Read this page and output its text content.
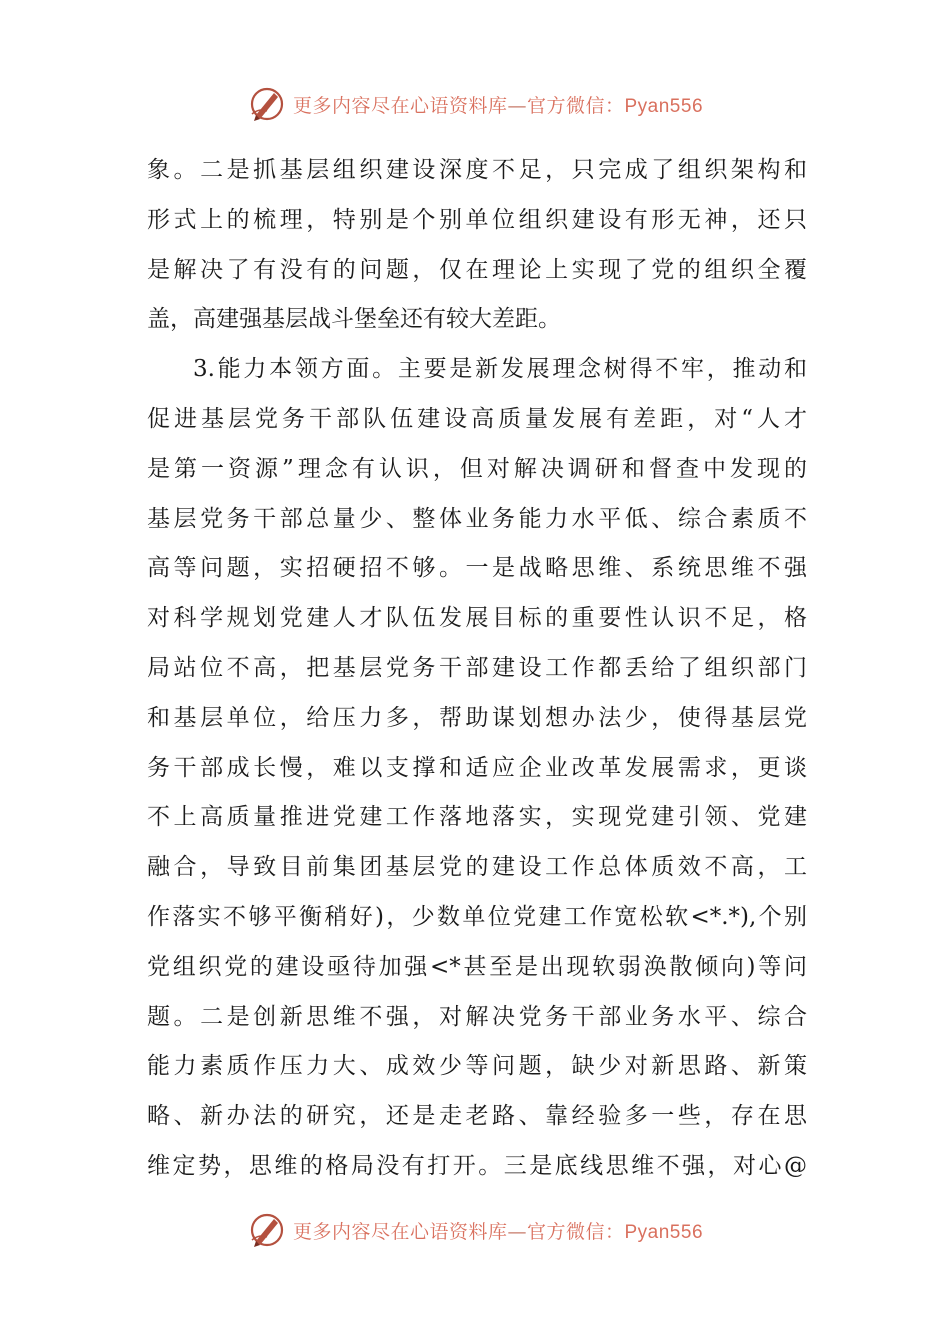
更多内容尽在心语资料库—官方微信：Pyan556
象。二是抓基层组织建设深度不足，只完成了组织架构和
形式上的梳理，特别是个别单位组织建设有形无神，还只
是解决了有没有的问题，仅在理论上实现了党的组织全覆
盖，高建强基层战斗堡垒还有较大差距。
3.能力本领方面。主要是新发展理念树得不牢，推动和
促进基层党务干部队伍建设高质量发展有差距，对“人才
是第一资源”理念有认识，但对解决调研和督查中发现的
基层党务干部总量少、整体业务能力水平低、综合素质不
高等问题，实招硬招不够。一是战略思维、系统思维不强
对科学规划党建人才队伍发展目标的重要性认识不足，格
局站位不高，把基层党务干部建设工作都丢给了组织部门
和基层单位，给压力多，帮助谋划想办法少，使得基层党
务干部成长慢，难以支撑和适应企业改革发展需求，更谈
不上高质量推进党建工作落地落实，实现党建引领、党建
融合，导致目前集团基层党的建设工作总体质效不高，工
作落实不够平衡稍好)，少数单位党建工作宽松软<*.*),个别
党组织党的建设亟待加强<*甚至是出现软弱涣散倾向)等问
题。二是创新思维不强，对解决党务干部业务水平、综合
能力素质作压力大、成效少等问题，缺少对新思路、新策
略、新办法的研究，还是走老路、靠经验多一些，存在思
维定势，思维的格局没有打开。三是底线思维不强，对心@
更多内容尽在心语资料库—官方微信：Pyan556
